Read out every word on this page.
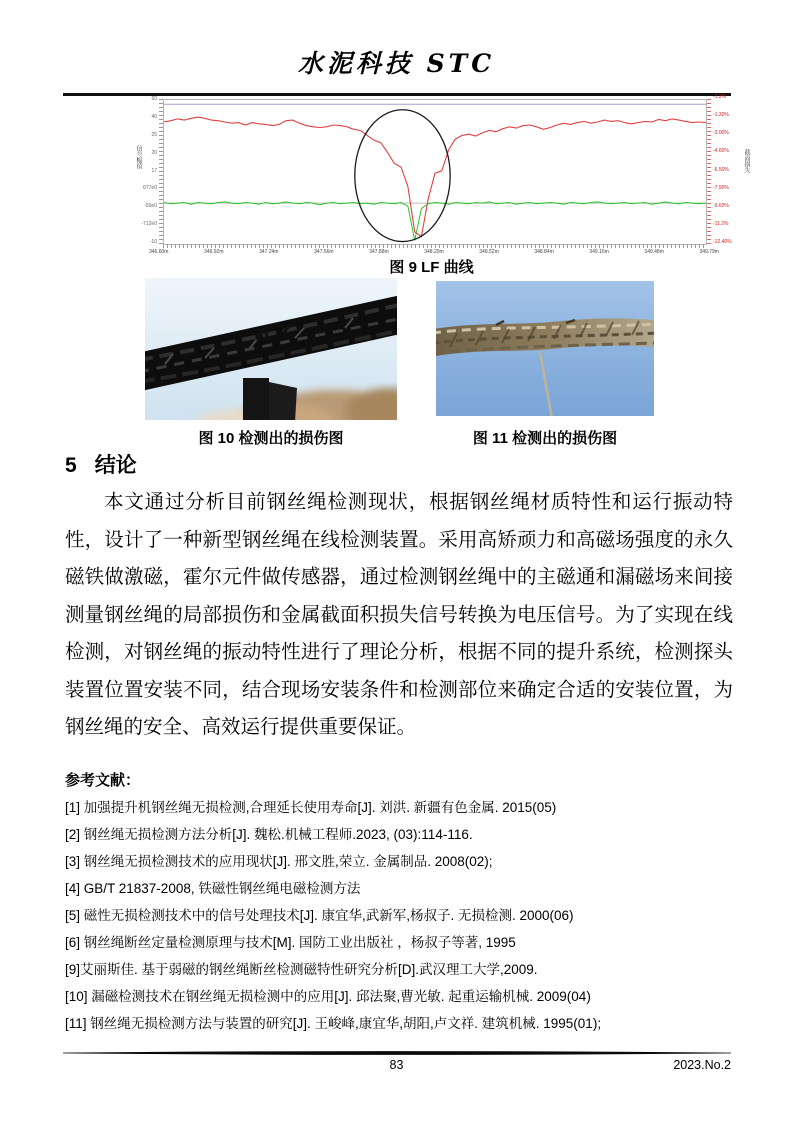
水泥科技 STC
60
40
25
20
17
677e0
-50e0
-712e0
-10
-1.2%
-1.30%
-3.00%
-4.60%
-6.50%
-7.90%
-9.60%
-11.2%
-12.40%
346.60m	346.92m	347.24m	347.56m	347.88m	348.20m	348.52m	348.84m	349.16m	349.48m	349.79m
信号幅值	截面损失
图 9 LF 曲线
图 10 检测出的损伤图	图 11 检测出的损伤图
5 结论
本文通过分析目前钢丝绳检测现状，根据钢丝绳材质特性和运行振动特性，设计了一种新型钢丝绳在线检测装置。采用高矫顽力和高磁场强度的永久磁铁做激磁，霍尔元件做传感器，通过检测钢丝绳中的主磁通和漏磁场来间接测量钢丝绳的局部损伤和金属截面积损失信号转换为电压信号。为了实现在线检测，对钢丝绳的振动特性进行了理论分析，根据不同的提升系统，检测探头装置位置安装不同，结合现场安装条件和检测部位来确定合适的安装位置，为钢丝绳的安全、高效运行提供重要保证。
参考文献：
[1] 加强提升机钢丝绳无损检测,合理延长使用寿命[J]. 刘洪. 新疆有色金属. 2015(05)
[2] 钢丝绳无损检测方法分析[J]. 魏松.机械工程师.2023, (03):114-116.
[3] 钢丝绳无损检测技术的应用现状[J]. 邢文胜,荣立. 金属制品. 2008(02);
[4] GB/T 21837-2008, 铁磁性钢丝绳电磁检测方法
[5] 磁性无损检测技术中的信号处理技术[J]. 康宜华,武新军,杨叔子. 无损检测. 2000(06)
[6] 钢丝绳断丝定量检测原理与技术[M]. 国防工业出版社 ，杨叔子等著, 1995
[9]艾丽斯佳. 基于弱磁的钢丝绳断丝检测磁特性研究分析[D].武汉理工大学,2009.
[10] 漏磁检测技术在钢丝绳无损检测中的应用[J]. 邱法聚,曹光敏. 起重运输机械. 2009(04)
[11] 钢丝绳无损检测方法与装置的研究[J]. 王峻峰,康宜华,胡阳,卢文祥. 建筑机械. 1995(01);
83	2023.No.2
